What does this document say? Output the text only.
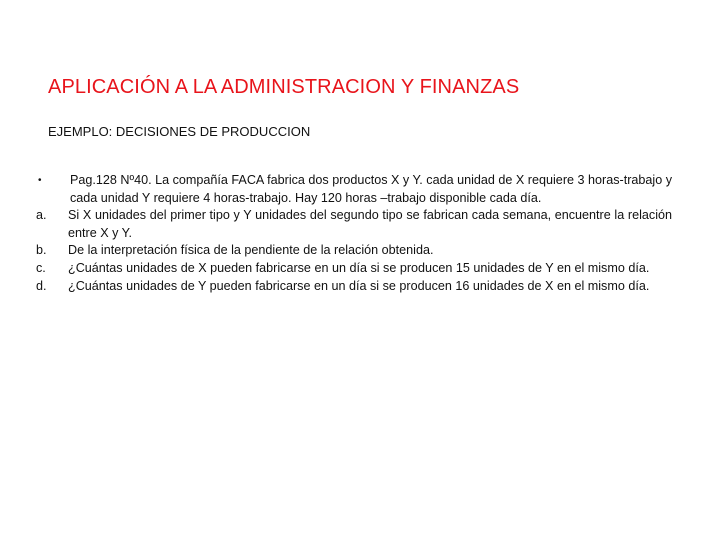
APLICACIÓN A LA ADMINISTRACION Y FINANZAS
EJEMPLO: DECISIONES DE PRODUCCION
•	Pag.128 Nº40. La compañía FACA fabrica dos productos X y Y. cada unidad de X requiere 3 horas-trabajo y cada unidad Y requiere 4 horas-trabajo. Hay 120 horas –trabajo disponible cada día.
a.	Si X unidades del primer tipo y Y unidades del segundo tipo se fabrican cada semana, encuentre la relación entre X y Y.
b.	De la interpretación física de la pendiente de la relación obtenida.
c.	¿Cuántas unidades de X pueden fabricarse en un día si se producen 15 unidades de Y en el mismo día.
d.	¿Cuántas unidades de Y pueden fabricarse en un día si se producen 16 unidades de X en el mismo día.
